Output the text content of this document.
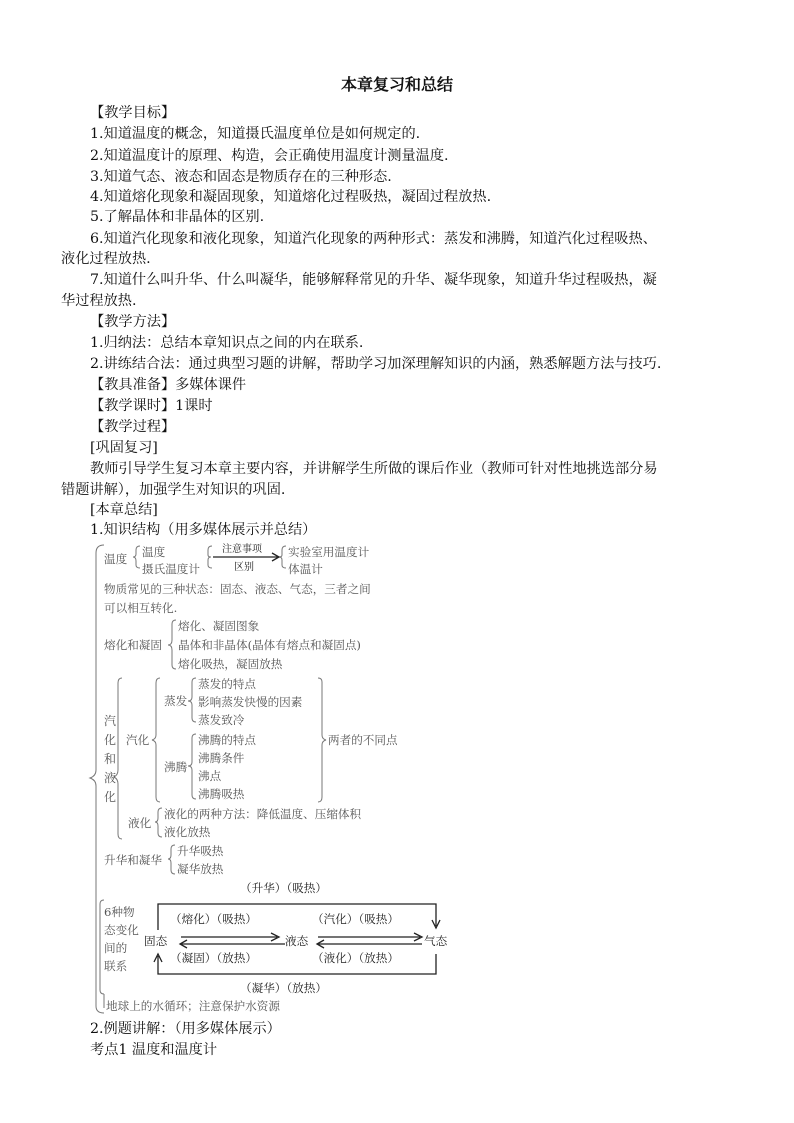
本章复习和总结
【教学目标】
1.知道温度的概念，知道摄氏温度单位是如何规定的.
2.知道温度计的原理、构造，会正确使用温度计测量温度.
3.知道气态、液态和固态是物质存在的三种形态.
4.知道熔化现象和凝固现象，知道熔化过程吸热，凝固过程放热.
5.了解晶体和非晶体的区别.
6.知道汽化现象和液化现象，知道汽化现象的两种形式：蒸发和沸腾，知道汽化过程吸热、
液化过程放热.
7.知道什么叫升华、什么叫凝华，能够解释常见的升华、凝华现象，知道升华过程吸热，凝
华过程放热.
【教学方法】
1.归纳法：总结本章知识点之间的内在联系.
2.讲练结合法：通过典型习题的讲解，帮助学习加深理解知识的内涵，熟悉解题方法与技巧.
【教具准备】多媒体课件
【教学课时】1课时
【教学过程】
[巩固复习]
教师引导学生复习本章主要内容，并讲解学生所做的课后作业（教师可针对性地挑选部分易
错题讲解），加强学生对知识的巩固.
[本章总结]
1.知识结构（用多媒体展示并总结）
温度 温度
摄氏温度计
注意事项
区别
实验室用温度计
体温计
物质常见的三种状态：固态、液态、气态，三者之间
可以相互转化.
熔化和凝固
熔化、凝固图象
晶体和非晶体(晶体有熔点和凝固点)
熔化吸热，凝固放热
汽
化
和
液
化
汽化
蒸发
蒸发的特点
影响蒸发快慢的因素
蒸发致冷
沸腾
沸腾的特点
沸腾条件
沸点
沸腾吸热
两者的不同点
液化
液化的两种方法：降低温度、压缩体积
液化放热
升华和凝华
升华吸热
凝华放热
（升华）（吸热）
6种物
态变化
间的
联系
（熔化）（吸热）	（汽化）（吸热）
固态	液态	气态
（凝固）（放热）	（液化）（放热）
（凝华）（放热）
地球上的水循环；注意保护水资源
2.例题讲解：（用多媒体展示）
考点1 温度和温度计
